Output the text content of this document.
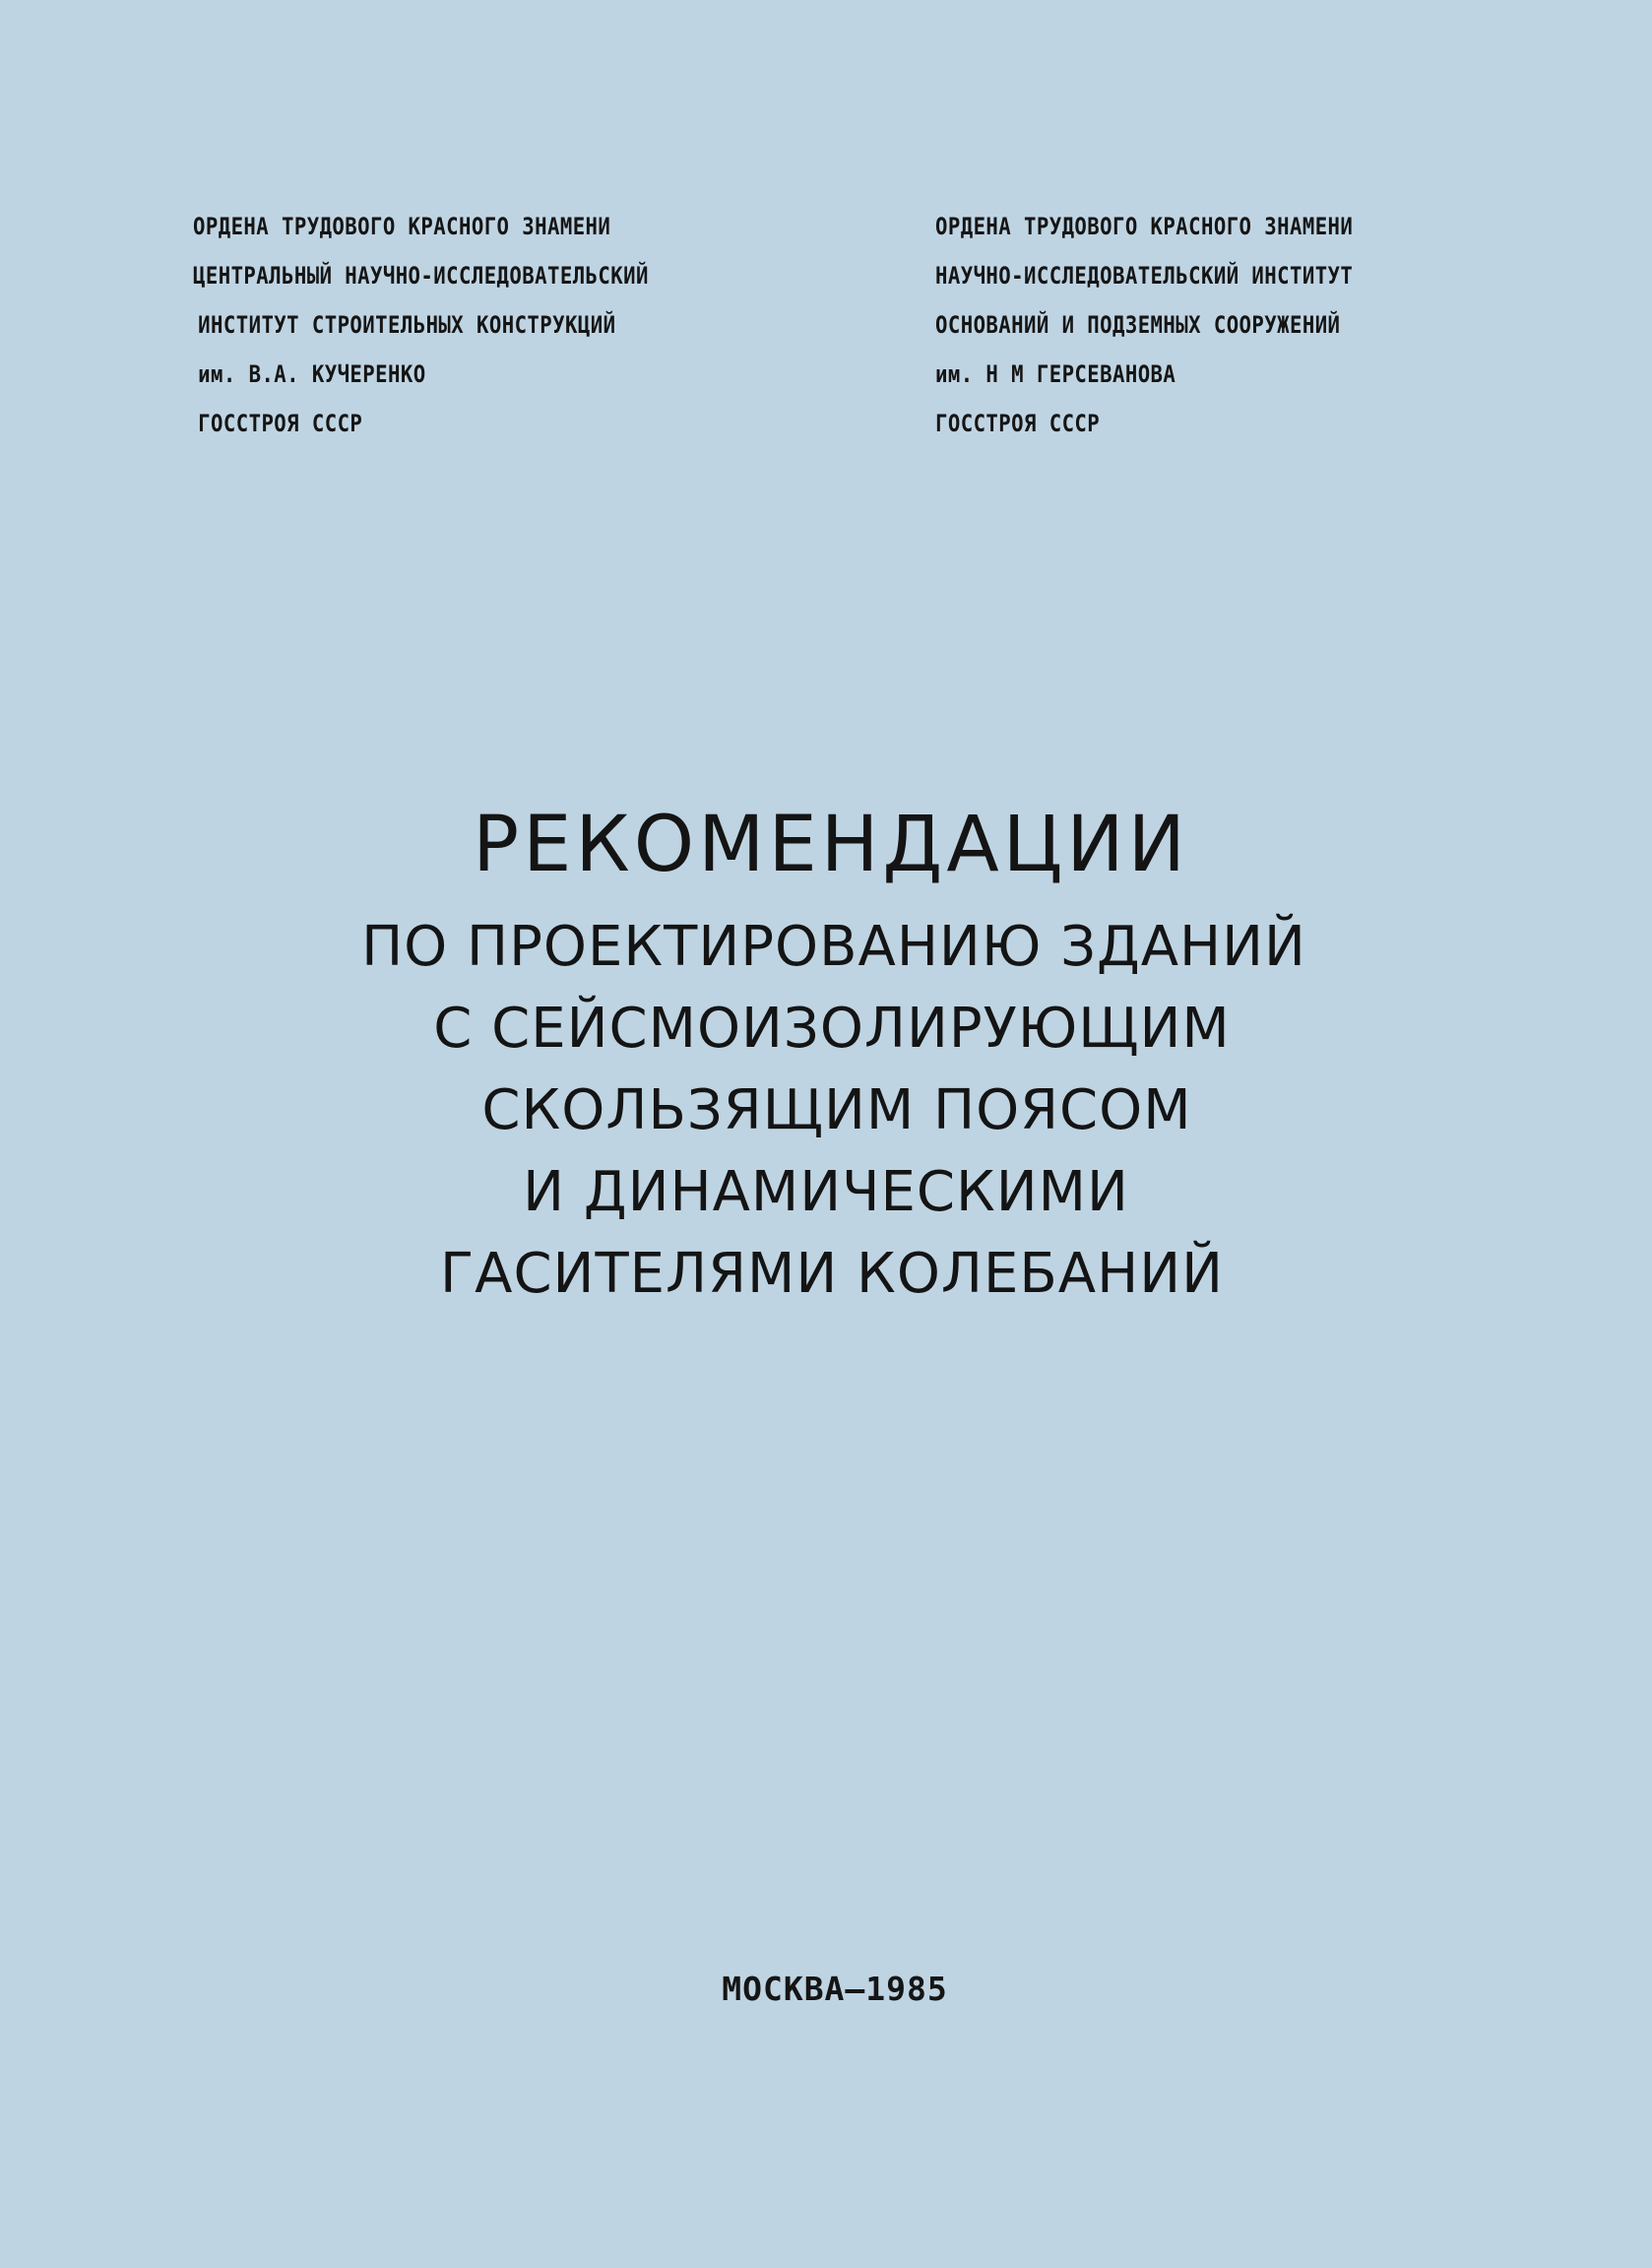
ОРДЕНА ТРУДОВОГО КРАСНОГО ЗНАМЕНИ
ЦЕНТРАЛЬНЫЙ НАУЧНО-ИССЛЕДОВАТЕЛЬСКИЙ
ИНСТИТУТ СТРОИТЕЛЬНЫХ КОНСТРУКЦИЙ
им. В.А. КУЧЕРЕНКО
ГОССТРОЯ СССР
ОРДЕНА ТРУДОВОГО КРАСНОГО ЗНАМЕНИ
НАУЧНО-ИССЛЕДОВАТЕЛЬСКИЙ ИНСТИТУТ
ОСНОВАНИЙ И ПОДЗЕМНЫХ СООРУЖЕНИЙ
им. Н М ГЕРСЕВАНОВА
ГОССТРОЯ СССР
РЕКОМЕНДАЦИИ
ПО ПРОЕКТИРОВАНИЮ ЗДАНИЙ
С СЕЙСМОИЗОЛИРУЮЩИМ
СКОЛЬЗЯЩИМ ПОЯСОМ
И ДИНАМИЧЕСКИМИ
ГАСИТЕЛЯМИ КОЛЕБАНИЙ
МОСКВА–1985
